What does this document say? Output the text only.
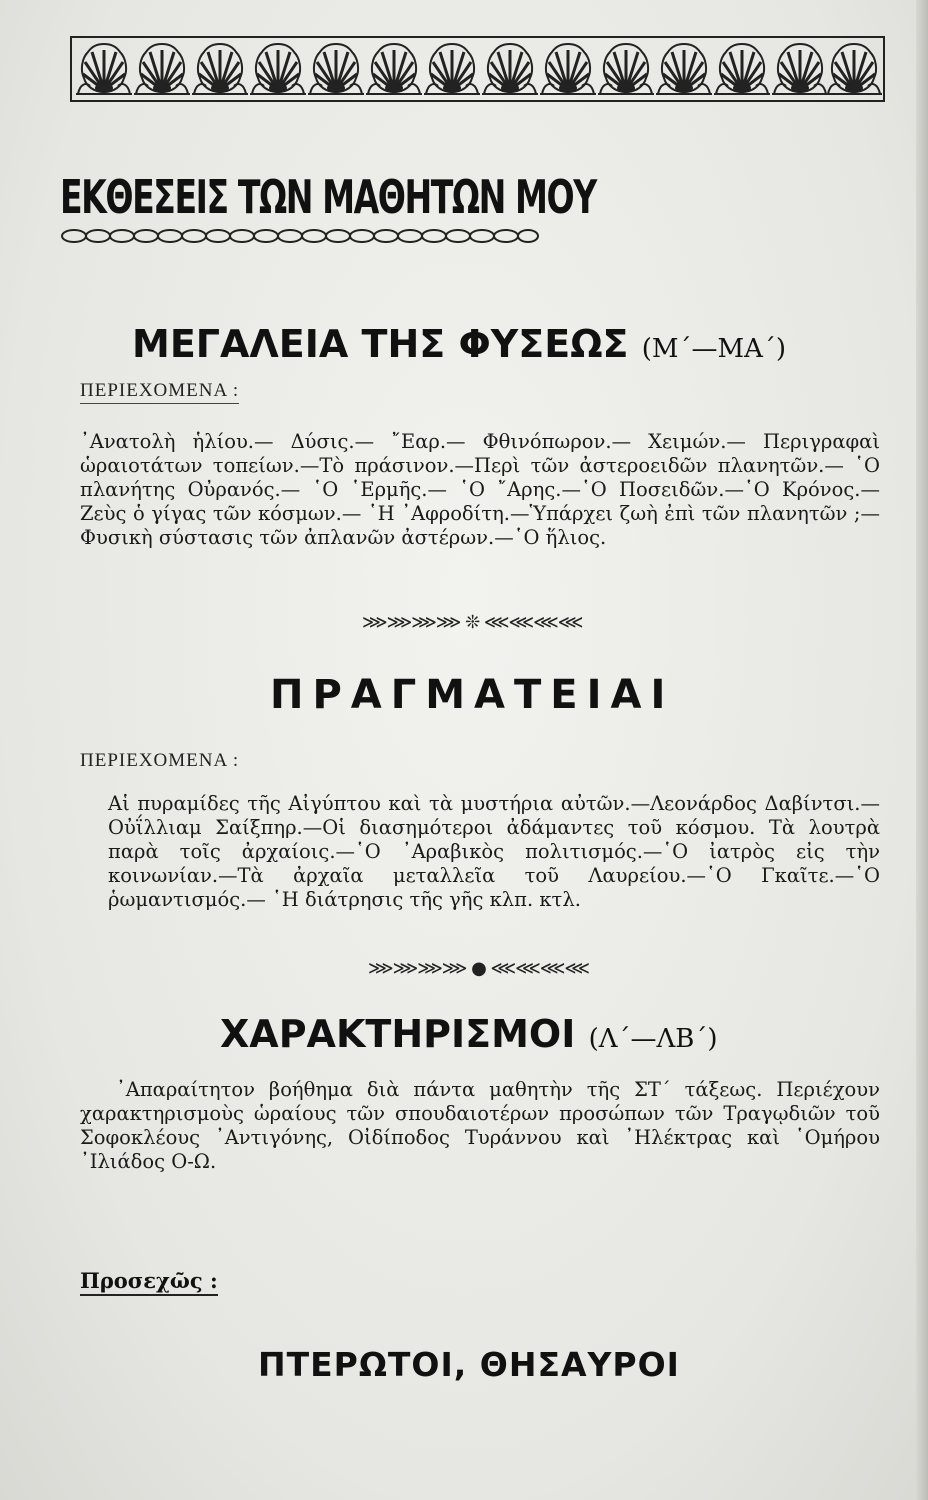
ΕΚΘΕΣΕΙΣ ΤΩΝ ΜΑΘΗΤΩΝ ΜΟΥ
ΜΕΓΑΛΕΙΑ ΤΗΣ ΦΥΣΕΩΣ (Μ΄—ΜΑ΄)
ΠΕΡΙΕΧΟΜΕΝΑ :
᾿Ανατολὴ ἡλίου.— Δύσις.— ῎Εαρ.— Φθινόπωρον.— Χειμών.— Περιγραφαὶ ὡραιοτάτων τοπείων.—Τὸ πράσινον.—Περὶ τῶν ἀστεροειδῶν πλανητῶν.— ῾Ο πλανήτης Οὐρανός.— ῾Ο ῾Ερμῆς.— ῾Ο ῎Αρης.—῾Ο Ποσειδῶν.—῾Ο Κρόνος.—Ζεὺς ὁ γίγας τῶν κόσμων.— ῾Η ᾿Αφροδίτη.—Ὑπάρχει ζωὴ ἐπὶ τῶν πλανητῶν ;—Φυσικὴ σύστασις τῶν ἀπλανῶν ἀστέρων.—῾Ο ἥλιος.
⋙⋙⋙⋙ ❊ ⋘⋘⋘⋘
ΠΡΑΓΜΑΤΕΙΑΙ
ΠΕΡΙΕΧΟΜΕΝΑ :
Αἱ πυραμίδες τῆς Αἰγύπτου καὶ τὰ μυστήρια αὐτῶν.—Λεονάρδος Δαβίντσι.— Οὐΐλλιαμ Σαίξπηρ.—Οἱ διασημότεροι ἀδάμαντες τοῦ κόσμου. Τὰ λουτρὰ παρὰ τοῖς ἀρχαίοις.—῾Ο ᾿Αραβικὸς πολιτισμός.—῾Ο ἰατρὸς εἰς τὴν κοινωνίαν.—Τὰ ἀρχαῖα μεταλλεῖα τοῦ Λαυρείου.—῾Ο Γκαῖτε.—῾Ο ῥωμαντισμός.— ῾Η διάτρησις τῆς γῆς κλπ. κτλ.
⋙⋙⋙⋙ ● ⋘⋘⋘⋘
ΧΑΡΑΚΤΗΡΙΣΜΟΙ (Λ΄—ΛΒ΄)
᾿Απαραίτητον βοήθημα διὰ πάντα μαθητὴν τῆς ΣΤ΄ τάξεως. Περιέχουν χαρακτηρισμοὺς ὡραίους τῶν σπουδαιοτέρων προσώπων τῶν Τραγῳδιῶν τοῦ Σοφοκλέους ᾿Αντιγόνης, Οἰδίποδος Τυράννου καὶ ᾿Ηλέκτρας καὶ ῾Ομήρου ᾿Ιλιάδος Ο-Ω.
Προσεχῶς :
ΠΤΕΡΩΤΟΙ, ΘΗΣΑΥΡΟΙ
